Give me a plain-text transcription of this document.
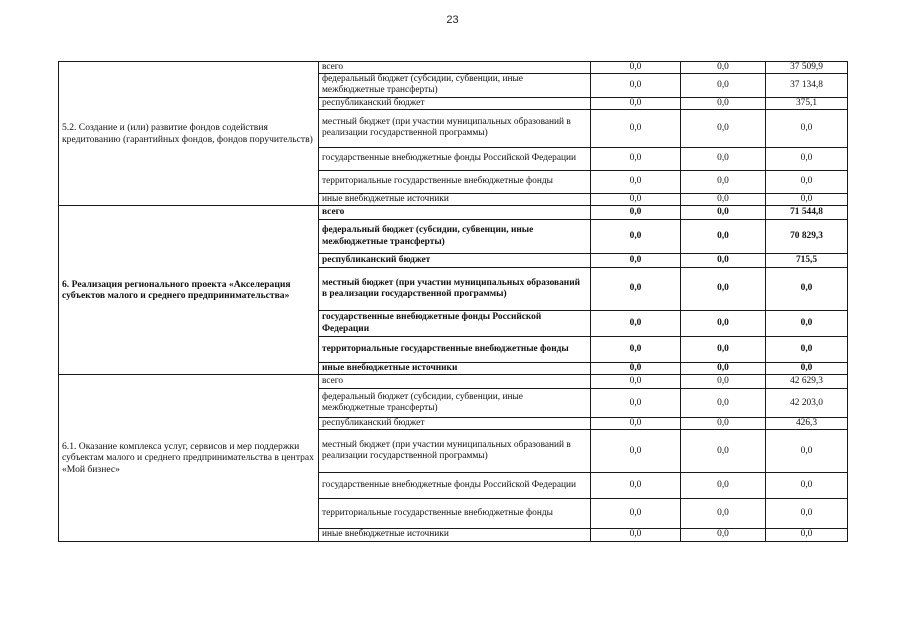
23
5.2. Создание и (или) развитие фондов содействия кредитованию (гарантийных фондов, фондов поручительств)	всего	0,0	0,0	37 509,9
	федеральный бюджет (субсидии, субвенции, иные межбюджетные трансферты)	0,0	0,0	37 134,8
	республиканский бюджет	0,0	0,0	375,1
	местный бюджет (при участии муниципальных образований в реализации государственной программы)	0,0	0,0	0,0
	государственные внебюджетные фонды Российской Федерации	0,0	0,0	0,0
	территориальные государственные внебюджетные фонды	0,0	0,0	0,0
	иные внебюджетные источники	0,0	0,0	0,0
6. Реализация регионального проекта «Акселерация субъектов малого и среднего предпринимательства»	всего	0,0	0,0	71 544,8
	федеральный бюджет (субсидии, субвенции, иные межбюджетные трансферты)	0,0	0,0	70 829,3
	республиканский бюджет	0,0	0,0	715,5
	местный бюджет (при участии муниципальных образований в реализации государственной программы)	0,0	0,0	0,0
	государственные внебюджетные фонды Российской Федерации	0,0	0,0	0,0
	территориальные государственные внебюджетные фонды	0,0	0,0	0,0
	иные внебюджетные источники	0,0	0,0	0,0
6.1. Оказание комплекса услуг, сервисов и мер поддержки субъектам малого и среднего предпринимательства в центрах «Мой бизнес»	всего	0,0	0,0	42 629,3
	федеральный бюджет (субсидии, субвенции, иные межбюджетные трансферты)	0,0	0,0	42 203,0
	республиканский бюджет	0,0	0,0	426,3
	местный бюджет (при участии муниципальных образований в реализации государственной программы)	0,0	0,0	0,0
	государственные внебюджетные фонды Российской Федерации	0,0	0,0	0,0
	территориальные государственные внебюджетные фонды	0,0	0,0	0,0
	иные внебюджетные источники	0,0	0,0	0,0
